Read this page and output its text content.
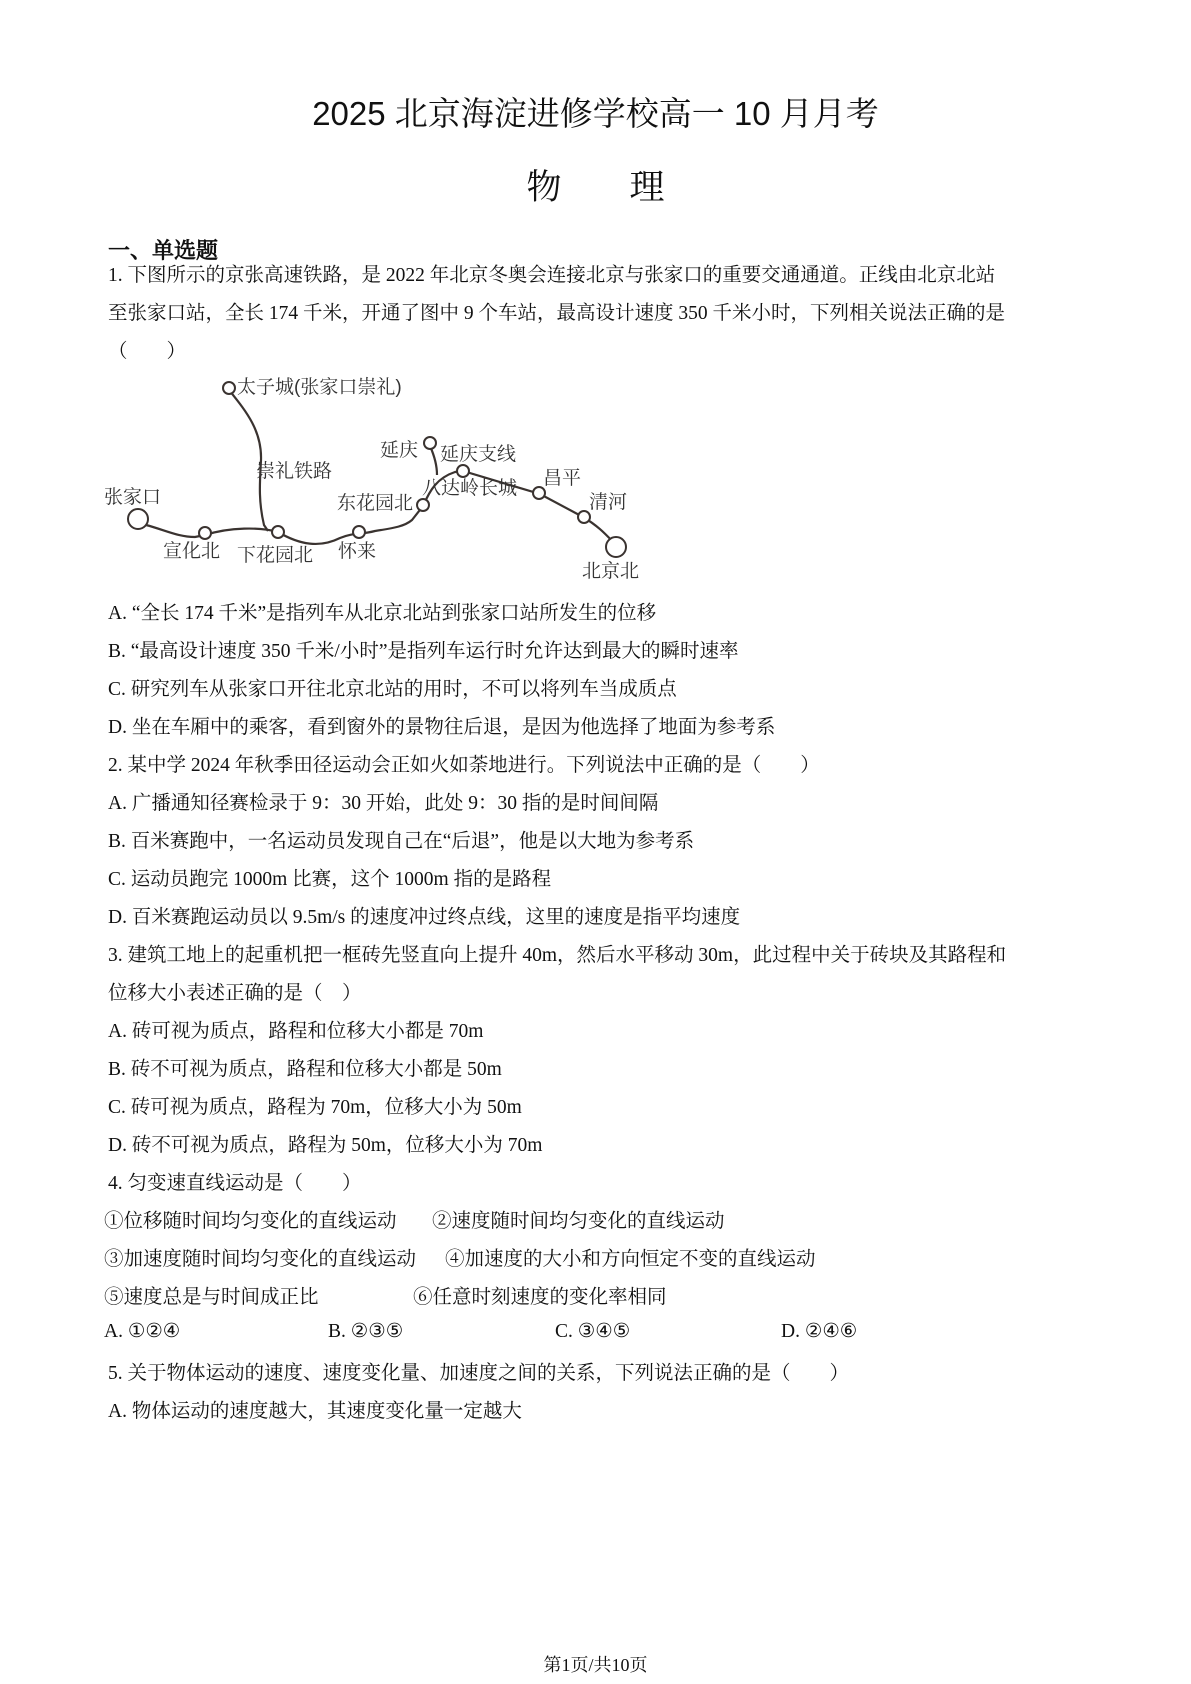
2025 北京海淀进修学校高一 10 月月考
物 理
一、单选题
1. 下图所示的京张高速铁路，是 2022 年北京冬奥会连接北京与张家口的重要交通通道。正线由北京北站
至张家口站，全长 174 千米，开通了图中 9 个车站，最高设计速度 350 千米小时，下列相关说法正确的是
（　　）
太子城(张家口崇礼)
崇礼铁路
延庆 延庆支线
张家口	东花园北
八达岭长城 昌平
清河
宣化北 下花园北 怀来
北京北
A. “全长 174 千米”是指列车从北京北站到张家口站所发生的位移
B. “最高设计速度 350 千米/小时”是指列车运行时允许达到最大的瞬时速率
C. 研究列车从张家口开往北京北站的用时，不可以将列车当成质点
D. 坐在车厢中的乘客，看到窗外的景物往后退，是因为他选择了地面为参考系
2. 某中学 2024 年秋季田径运动会正如火如荼地进行。下列说法中正确的是（　　）
A. 广播通知径赛检录于 9：30 开始，此处 9：30 指的是时间间隔
B. 百米赛跑中，一名运动员发现自己在“后退”，他是以大地为参考系
C. 运动员跑完 1000m 比赛，这个 1000m 指的是路程
D. 百米赛跑运动员以 9.5m/s 的速度冲过终点线，这里的速度是指平均速度
3. 建筑工地上的起重机把一框砖先竖直向上提升 40m，然后水平移动 30m，此过程中关于砖块及其路程和
位移大小表述正确的是（　）
A. 砖可视为质点，路程和位移大小都是 70m
B. 砖不可视为质点，路程和位移大小都是 50m
C. 砖可视为质点，路程为 70m，位移大小为 50m
D. 砖不可视为质点，路程为 50m，位移大小为 70m
4. 匀变速直线运动是（　　）
①位移随时间均匀变化的直线运动 ②速度随时间均匀变化的直线运动
③加速度随时间均匀变化的直线运动 ④加速度的大小和方向恒定不变的直线运动
⑤速度总是与时间成正比	⑥任意时刻速度的变化率相同
A. ①②④	B. ②③⑤	C. ③④⑤	D. ②④⑥
5. 关于物体运动的速度、速度变化量、加速度之间的关系，下列说法正确的是（　　）
A. 物体运动的速度越大，其速度变化量一定越大
第1页/共10页
